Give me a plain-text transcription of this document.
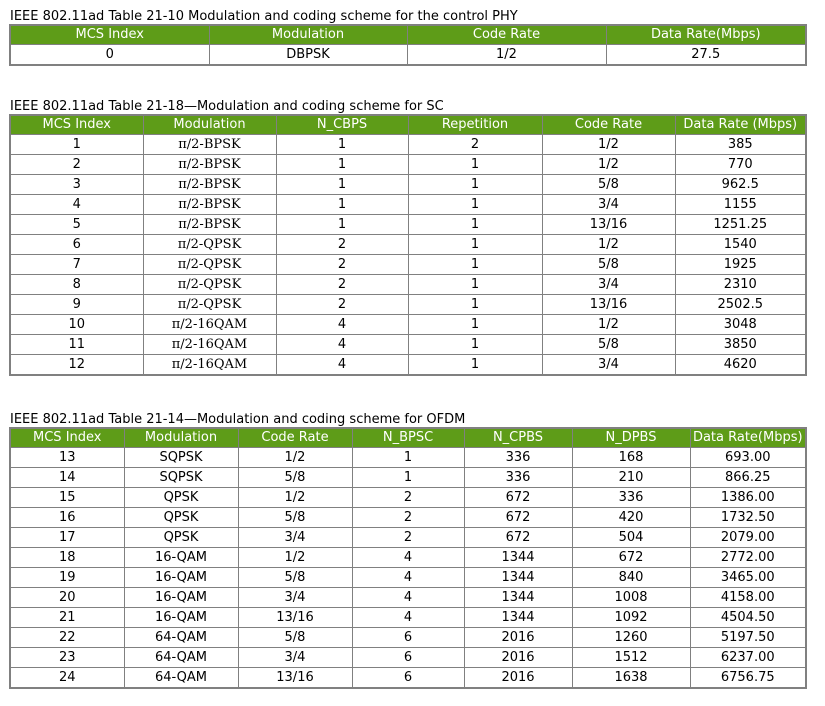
IEEE 802.11ad Table 21-10 Modulation and coding scheme for the control PHY
MCS Index	Modulation	Code Rate	Data Rate(Mbps)
0	DBPSK	1/2	27.5
IEEE 802.11ad Table 21-18—Modulation and coding scheme for SC
MCS Index	Modulation	N_CBPS	Repetition	Code Rate	Data Rate (Mbps)
1	π/2-BPSK	1	2	1/2	385
2	π/2-BPSK	1	1	1/2	770
3	π/2-BPSK	1	1	5/8	962.5
4	π/2-BPSK	1	1	3/4	1155
5	π/2-BPSK	1	1	13/16	1251.25
6	π/2-QPSK	2	1	1/2	1540
7	π/2-QPSK	2	1	5/8	1925
8	π/2-QPSK	2	1	3/4	2310
9	π/2-QPSK	2	1	13/16	2502.5
10	π/2-16QAM	4	1	1/2	3048
11	π/2-16QAM	4	1	5/8	3850
12	π/2-16QAM	4	1	3/4	4620
IEEE 802.11ad Table 21-14—Modulation and coding scheme for OFDM
MCS Index	Modulation	Code Rate	N_BPSC	N_CPBS	N_DPBS	Data Rate(Mbps)
13	SQPSK	1/2	1	336	168	693.00
14	SQPSK	5/8	1	336	210	866.25
15	QPSK	1/2	2	672	336	1386.00
16	QPSK	5/8	2	672	420	1732.50
17	QPSK	3/4	2	672	504	2079.00
18	16-QAM	1/2	4	1344	672	2772.00
19	16-QAM	5/8	4	1344	840	3465.00
20	16-QAM	3/4	4	1344	1008	4158.00
21	16-QAM	13/16	4	1344	1092	4504.50
22	64-QAM	5/8	6	2016	1260	5197.50
23	64-QAM	3/4	6	2016	1512	6237.00
24	64-QAM	13/16	6	2016	1638	6756.75
